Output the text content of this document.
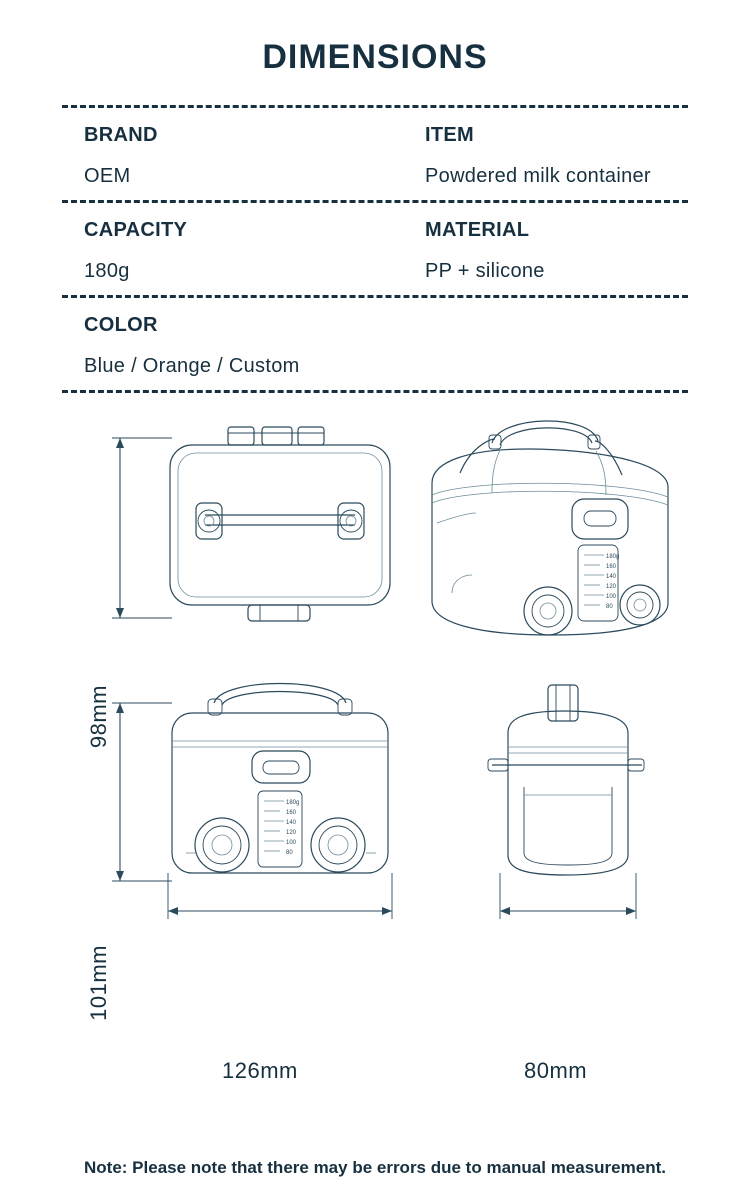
DIMENSIONS
BRAND
OEM
ITEM
Powdered milk container
CAPACITY
180g
MATERIAL
PP + silicone
COLOR
Blue / Orange / Custom
180g
160
140
120
100
80
180g
160
140
120
100
80
98mm
101mm
126mm	80mm
Note: Please note that there may be errors due to manual measurement.
